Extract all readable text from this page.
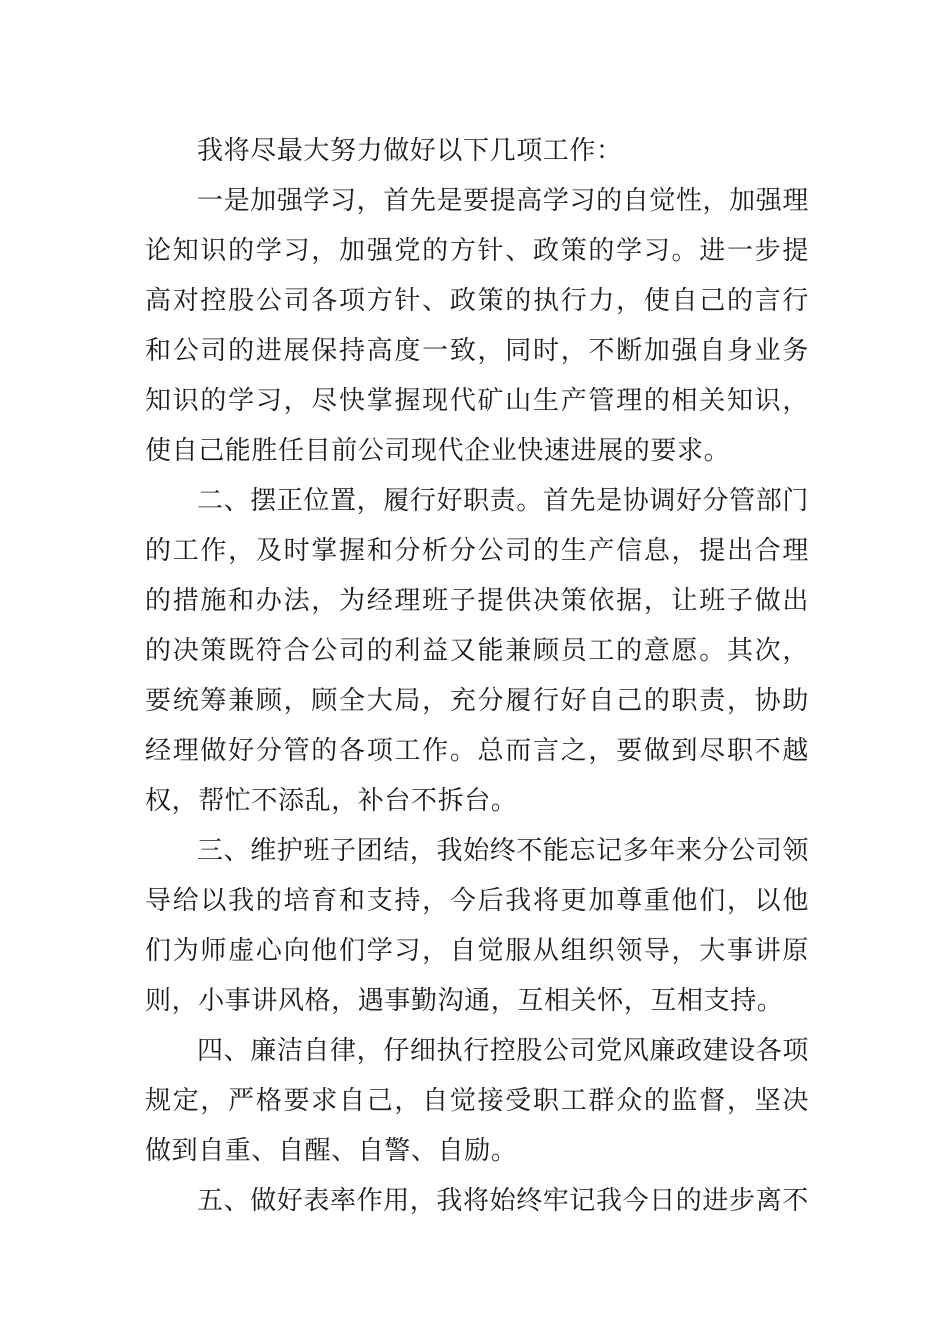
我将尽最大努力做好以下几项工作：

一是加强学习，首先是要提高学习的自觉性，加强理论知识的学习，加强党的方针、政策的学习。进一步提高对控股公司各项方针、政策的执行力，使自己的言行和公司的进展保持高度一致，同时，不断加强自身业务知识的学习，尽快掌握现代矿山生产管理的相关知识，使自己能胜任目前公司现代企业快速进展的要求。

二、摆正位置，履行好职责。首先是协调好分管部门的工作，及时掌握和分析分公司的生产信息，提出合理的措施和办法，为经理班子提供决策依据，让班子做出的决策既符合公司的利益又能兼顾员工的意愿。其次，要统筹兼顾，顾全大局，充分履行好自己的职责，协助经理做好分管的各项工作。总而言之，要做到尽职不越权，帮忙不添乱，补台不拆台。

三、维护班子团结，我始终不能忘记多年来分公司领导给以我的培育和支持，今后我将更加尊重他们，以他们为师虚心向他们学习，自觉服从组织领导，大事讲原则，小事讲风格，遇事勤沟通，互相关怀，互相支持。

四、廉洁自律，仔细执行控股公司党风廉政建设各项规定，严格要求自己，自觉接受职工群众的监督，坚决做到自重、自醒、自警、自励。

五、做好表率作用，我将始终牢记我今日的进步离不
